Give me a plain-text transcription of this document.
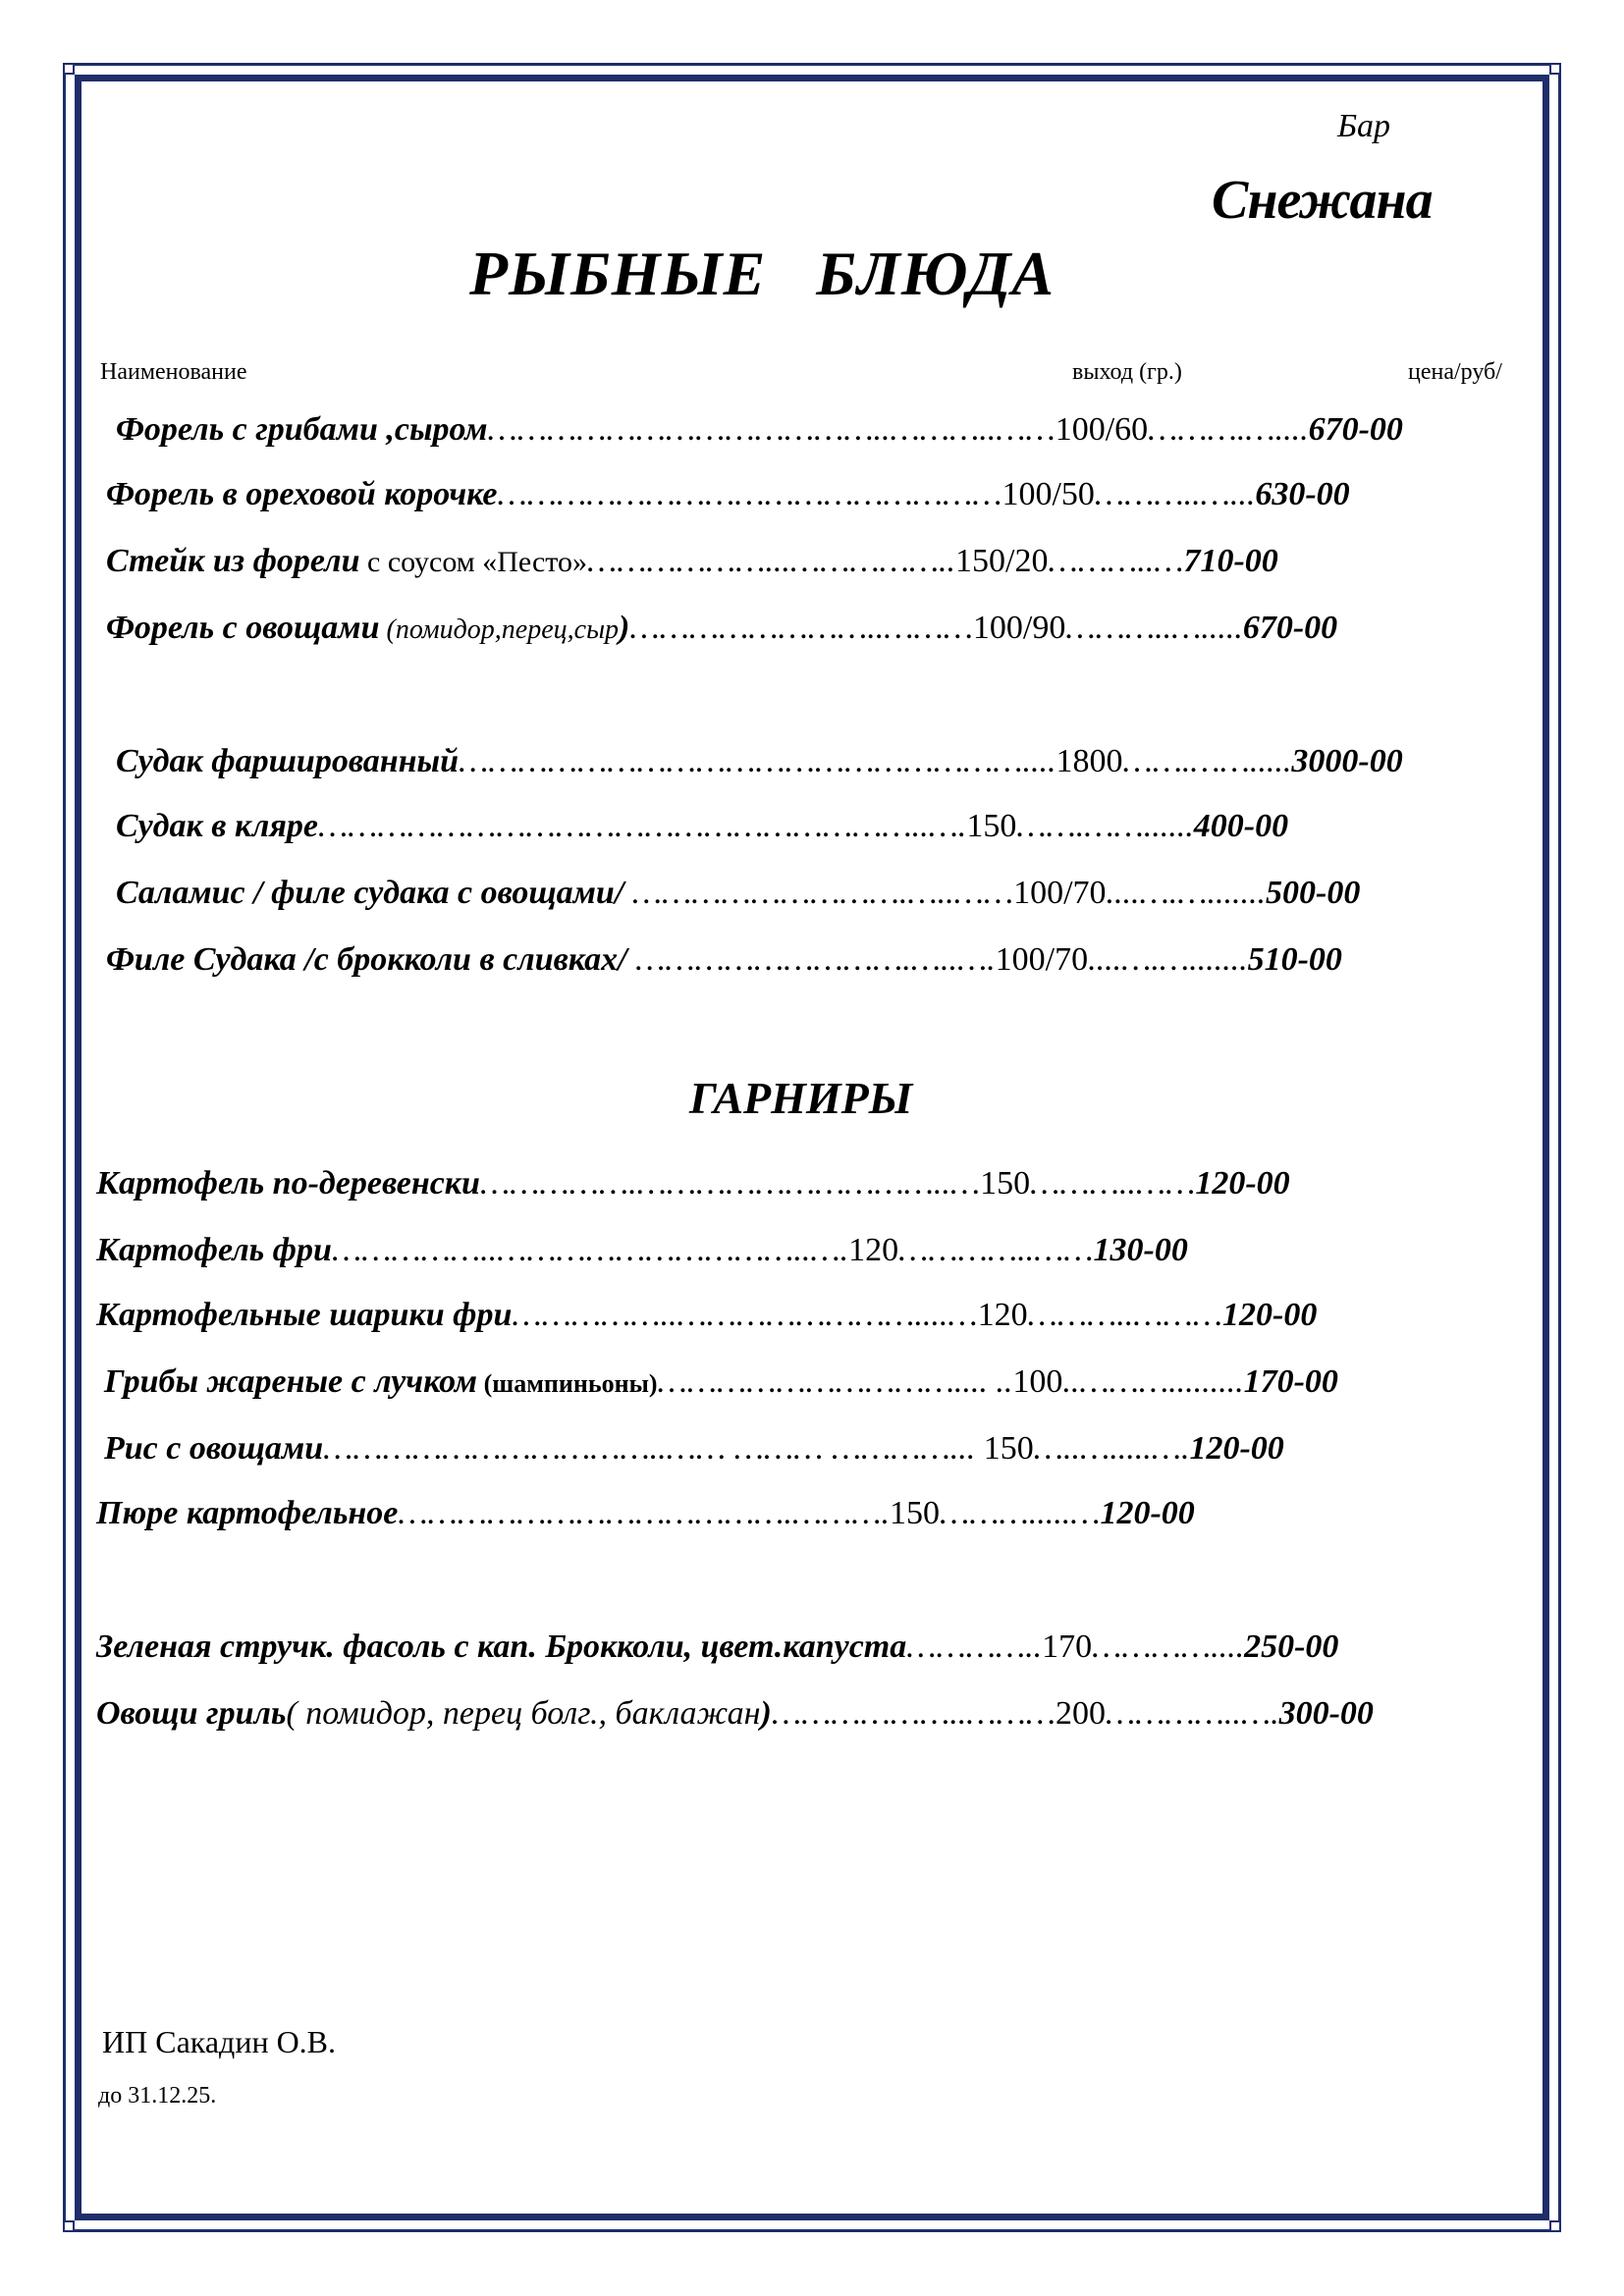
Бар
Снежана
РЫБНЫЕ   БЛЮДА
Наименование	выход (гр.)	цена/руб/
Форель с грибами ,сыром…………………………………..………..……100/60……….…....670-00
Форель в ореховой корочке……………………………………………100/50………..…...630-00
Стейк из форели с соусом «Песто»………………...……………..150/20………..…710-00
Форель с овощами (помидор,перец,сыр)……………………..………100/90………..….....670-00
Судак фаршированный…………………………………………………....1800…….…….....3000-00
Судак в кляре……………………………………………………..….150…….……......400-00
Саламис / филе судака с овощами/ ……………………….…..……100/70....….….......500-00
Филе Судака /с брокколи в сливках/ ……………………….…..….100/70....….….......510-00
Картофель по-деревенски…………….…………………………..…150………..……120-00
Картофель фри……………..…………………………..….120…………..……130-00
Картофельные шарики фри……………..……………………....…120………..………120-00
Грибы жареные с лучком (шампиньоны)………………………….... ..100..……….........170-00
Рис с овощами……………………………..…… ……… …………... 150…..….....….120-00
Пюре картофельное………………………………….……….150……….....…120-00
Зеленая стручк. фасоль с кап. Брокколи, цвет.капуста…………..170…………....250-00
Овощи гриль( помидор, перец болг., баклажан)………………..………200…………..….300-00
ГАРНИРЫ
ИП Сакадин О.В.
до 31.12.25.
